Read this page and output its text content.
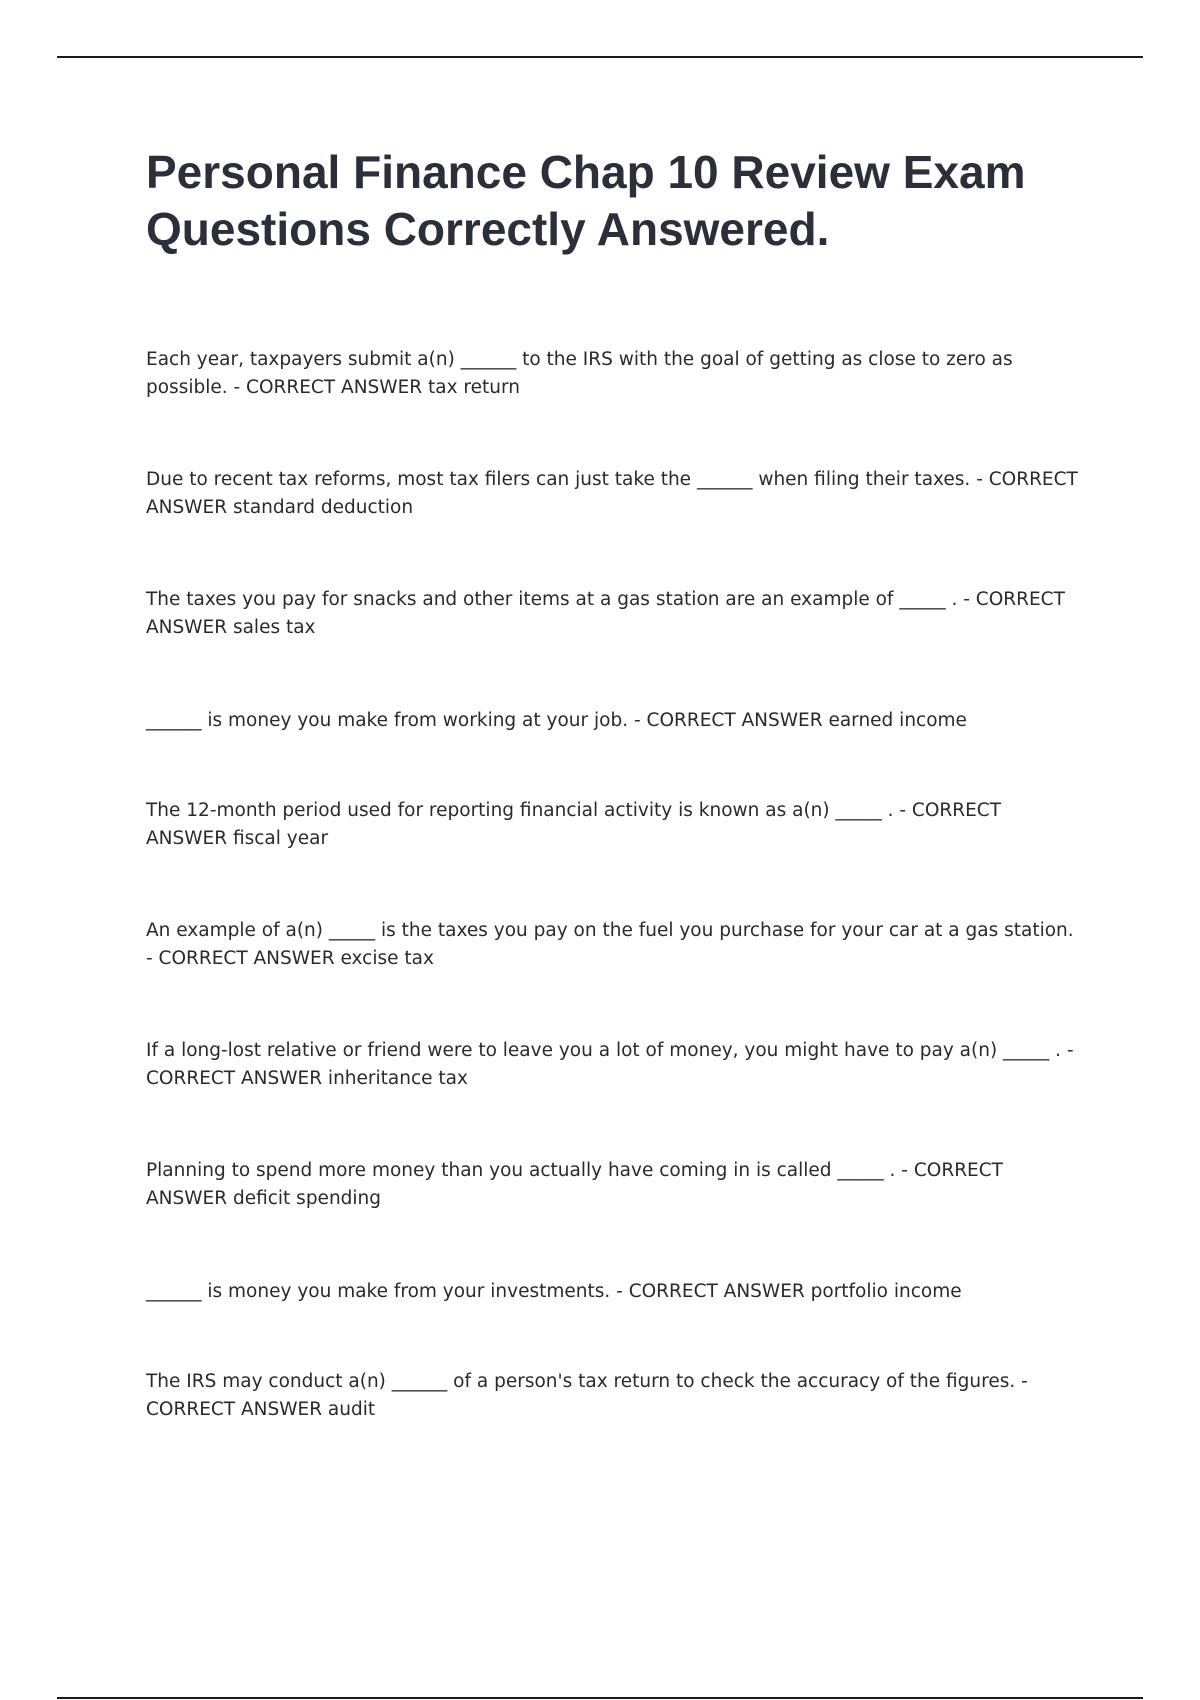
Personal Finance Chap 10 Review Exam Questions Correctly Answered.
Each year, taxpayers submit a(n) ______ to the IRS with the goal of getting as close to zero as possible. - CORRECT ANSWER tax return
Due to recent tax reforms, most tax filers can just take the ______ when filing their taxes. - CORRECT ANSWER standard deduction
The taxes you pay for snacks and other items at a gas station are an example of _____ . - CORRECT ANSWER sales tax
______ is money you make from working at your job. - CORRECT ANSWER earned income
The 12-month period used for reporting financial activity is known as a(n) _____ . - CORRECT ANSWER fiscal year
An example of a(n) _____ is the taxes you pay on the fuel you purchase for your car at a gas station. - CORRECT ANSWER excise tax
If a long-lost relative or friend were to leave you a lot of money, you might have to pay a(n) _____ . - CORRECT ANSWER inheritance tax
Planning to spend more money than you actually have coming in is called _____ . - CORRECT ANSWER deficit spending
______ is money you make from your investments. - CORRECT ANSWER portfolio income
The IRS may conduct a(n) ______ of a person's tax return to check the accuracy of the figures. - CORRECT ANSWER audit
